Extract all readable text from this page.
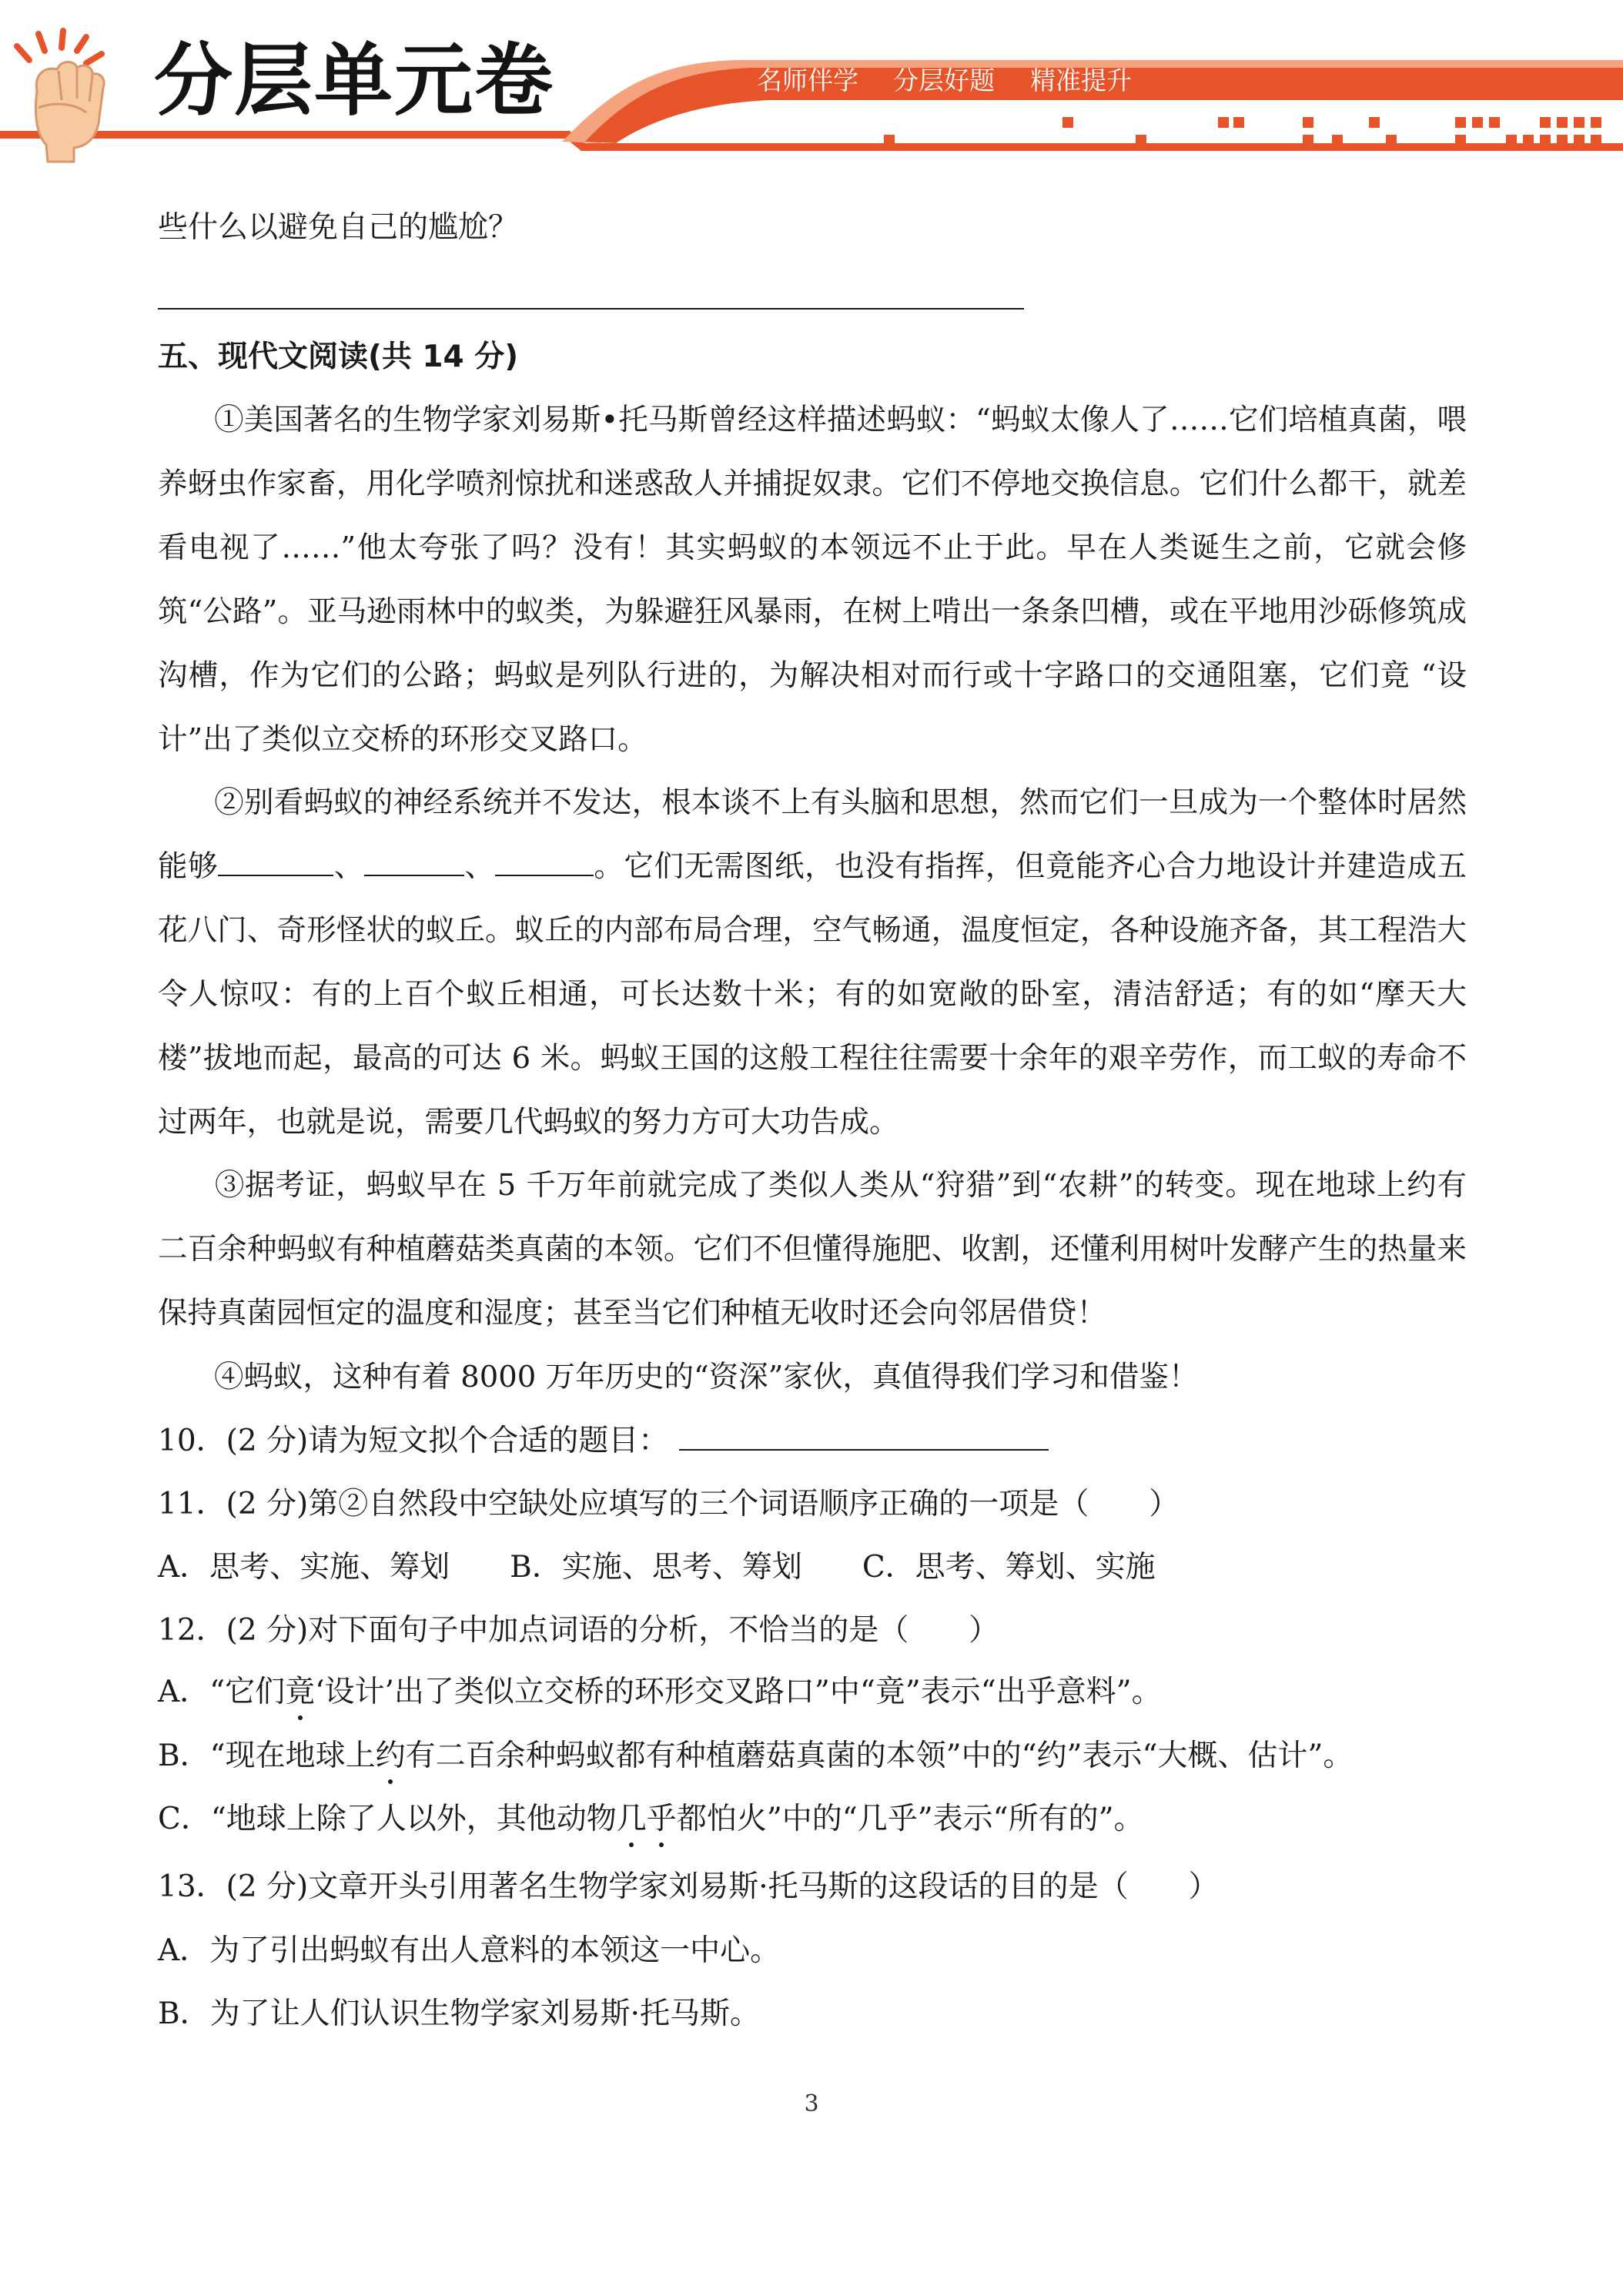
分层单元卷	名师伴学 分层好题 精准提升
些什么以避免自己的尴尬？
五、现代文阅读(共 14 分)
①美国著名的生物学家刘易斯•托马斯曾经这样描述蚂蚁：“蚂蚁太像人了……它们培植真菌，喂养蚜虫作家畜，用化学喷剂惊扰和迷惑敌人并捕捉奴隶。它们不停地交换信息。它们什么都干，就差看电视了……”他太夸张了吗？没有！其实蚂蚁的本领远不止于此。早在人类诞生之前，它就会修筑“公路”。亚马逊雨林中的蚁类，为躲避狂风暴雨，在树上啃出一条条凹槽，或在平地用沙砾修筑成沟槽，作为它们的公路；蚂蚁是列队行进的，为解决相对而行或十字路口的交通阻塞，它们竟 “设计”出了类似立交桥的环形交叉路口。
②别看蚂蚁的神经系统并不发达，根本谈不上有头脑和思想，然而它们一旦成为一个整体时居然能够	、	、	。它们无需图纸，也没有指挥，但竟能齐心合力地设计并建造成五花八门、奇形怪状的蚁丘。蚁丘的内部布局合理，空气畅通，温度恒定，各种设施齐备，其工程浩大令人惊叹：有的上百个蚁丘相通，可长达数十米；有的如宽敞的卧室，清洁舒适；有的如“摩天大楼”拔地而起，最高的可达 6 米。蚂蚁王国的这般工程往往需要十余年的艰辛劳作，而工蚁的寿命不过两年，也就是说，需要几代蚂蚁的努力方可大功告成。
③据考证，蚂蚁早在 5 千万年前就完成了类似人类从“狩猎”到“农耕”的转变。现在地球上约有二百余种蚂蚁有种植蘑菇类真菌的本领。它们不但懂得施肥、收割，还懂利用树叶发酵产生的热量来保持真菌园恒定的温度和湿度；甚至当它们种植无收时还会向邻居借贷！
④蚂蚁，这种有着 8000 万年历史的“资深”家伙，真值得我们学习和借鉴！
10．(2 分)请为短文拟个合适的题目：
11．(2 分)第②自然段中空缺处应填写的三个词语顺序正确的一项是（　　）
A．思考、实施、筹划　　B．实施、思考、筹划　　C．思考、筹划、实施
12．(2 分)对下面句子中加点词语的分析，不恰当的是（　　）
A．“它们竟‘设计’出了类似立交桥的环形交叉路口”中“竟”表示“出乎意料”。
B．“现在地球上约有二百余种蚂蚁都有种植蘑菇真菌的本领”中的“约”表示“大概、估计”。
C．“地球上除了人以外，其他动物几乎都怕火”中的“几乎”表示“所有的”。
13．(2 分)文章开头引用著名生物学家刘易斯·托马斯的这段话的目的是（　　）
A．为了引出蚂蚁有出人意料的本领这一中心。
B．为了让人们认识生物学家刘易斯·托马斯。
3
